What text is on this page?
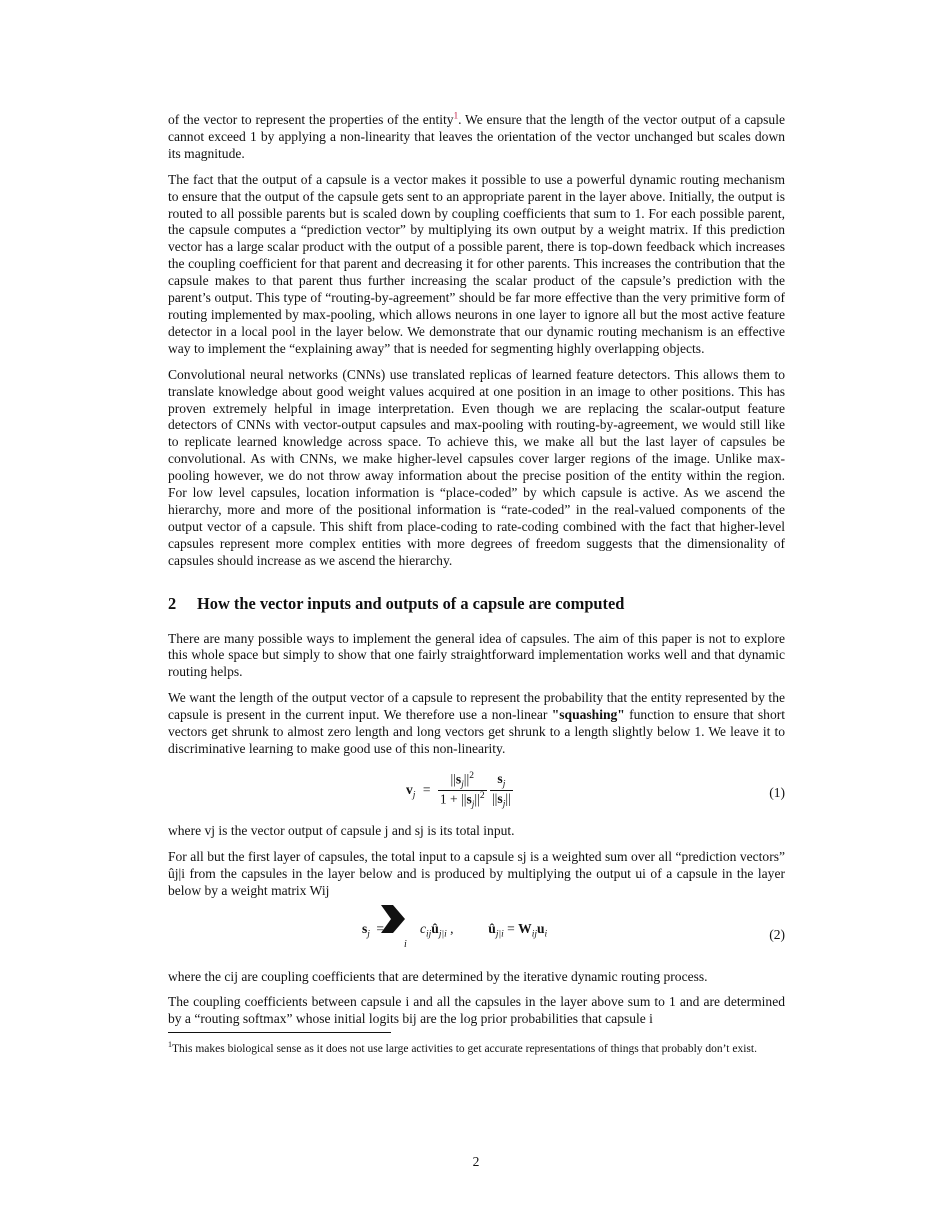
of the vector to represent the properties of the entity$^1$. We ensure that the length of the vector output of a capsule cannot exceed 1 by applying a non-linearity that leaves the orientation of the vector unchanged but scales down its magnitude.

The fact that the output of a capsule is a vector makes it possible to use a powerful dynamic routing mechanism to ensure that the output of the capsule gets sent to an appropriate parent in the layer above. Initially, the output is routed to all possible parents but is scaled down by coupling coefficients that sum to 1. For each possible parent, the capsule computes a “prediction vector” by multiplying its own output by a weight matrix. If this prediction vector has a large scalar product with the output of a possible parent, there is top-down feedback which increases the coupling coefficient for that parent and decreasing it for other parents. This increases the contribution that the capsule makes to that parent thus further increasing the scalar product of the capsule’s prediction with the parent’s output. This type of “routing-by-agreement” should be far more effective than the very primitive form of routing implemented by max-pooling, which allows neurons in one layer to ignore all but the most active feature detector in a local pool in the layer below. We demonstrate that our dynamic routing mechanism is an effective way to implement the “explaining away” that is needed for segmenting highly overlapping objects.

Convolutional neural networks (CNNs) use translated replicas of learned feature detectors. This allows them to translate knowledge about good weight values acquired at one position in an image to other positions. This has proven extremely helpful in image interpretation. Even though we are replacing the scalar-output feature detectors of CNNs with vector-output capsules and max-pooling with routing-by-agreement, we would still like to replicate learned knowledge across space. To achieve this, we make all but the last layer of capsules be convolutional. As with CNNs, we make higher-level capsules cover larger regions of the image. Unlike max-pooling however, we do not throw away information about the precise position of the entity within the region. For low level capsules, location information is “place-coded” by which capsule is active. As we ascend the hierarchy, more and more of the positional information is “rate-coded” in the real-valued components of the output vector of a capsule. This shift from place-coding to rate-coding combined with the fact that higher-level capsules represent more complex entities with more degrees of freedom suggests that the dimensionality of capsules should increase as we ascend the hierarchy.

2 How the vector inputs and outputs of a capsule are computed

There are many possible ways to implement the general idea of capsules. The aim of this paper is not to explore this whole space but simply to show that one fairly straightforward implementation works well and that dynamic routing helps.

We want the length of the output vector of a capsule to represent the probability that the entity represented by the capsule is present in the current input. We therefore use a non-linear "squashing" function to ensure that short vectors get shrunk to almost zero length and long vectors get shrunk to a length slightly below 1. We leave it to discriminative learning to make good use of this non-linearity.

$v_j = \frac{||s_j||^2}{1 + ||s_j||^2}$
$\frac{s_j}{||s_j||}$	(1)

where vj is the vector output of capsule j and sj is its total input.

For all but the first layer of capsules, the total input to a capsule sj is a weighted sum over all “prediction vectors” ûj|i from the capsules in the layer below and is produced by multiplying the output ui of a capsule in the layer below by a weight matrix Wij

$s_j$ =
i
$c_{ij}û_{j|i}$ ,  $û_{j|i} = W_{ij}u_i$	(2)

where the cij are coupling coefficients that are determined by the iterative dynamic routing process.

The coupling coefficients between capsule i and all the capsules in the layer above sum to 1 and are determined by a “routing softmax” whose initial logits bij are the log prior probabilities that capsule i

$^1$This makes biological sense as it does not use large activities to get accurate representations of things that probably don’t exist.
2
